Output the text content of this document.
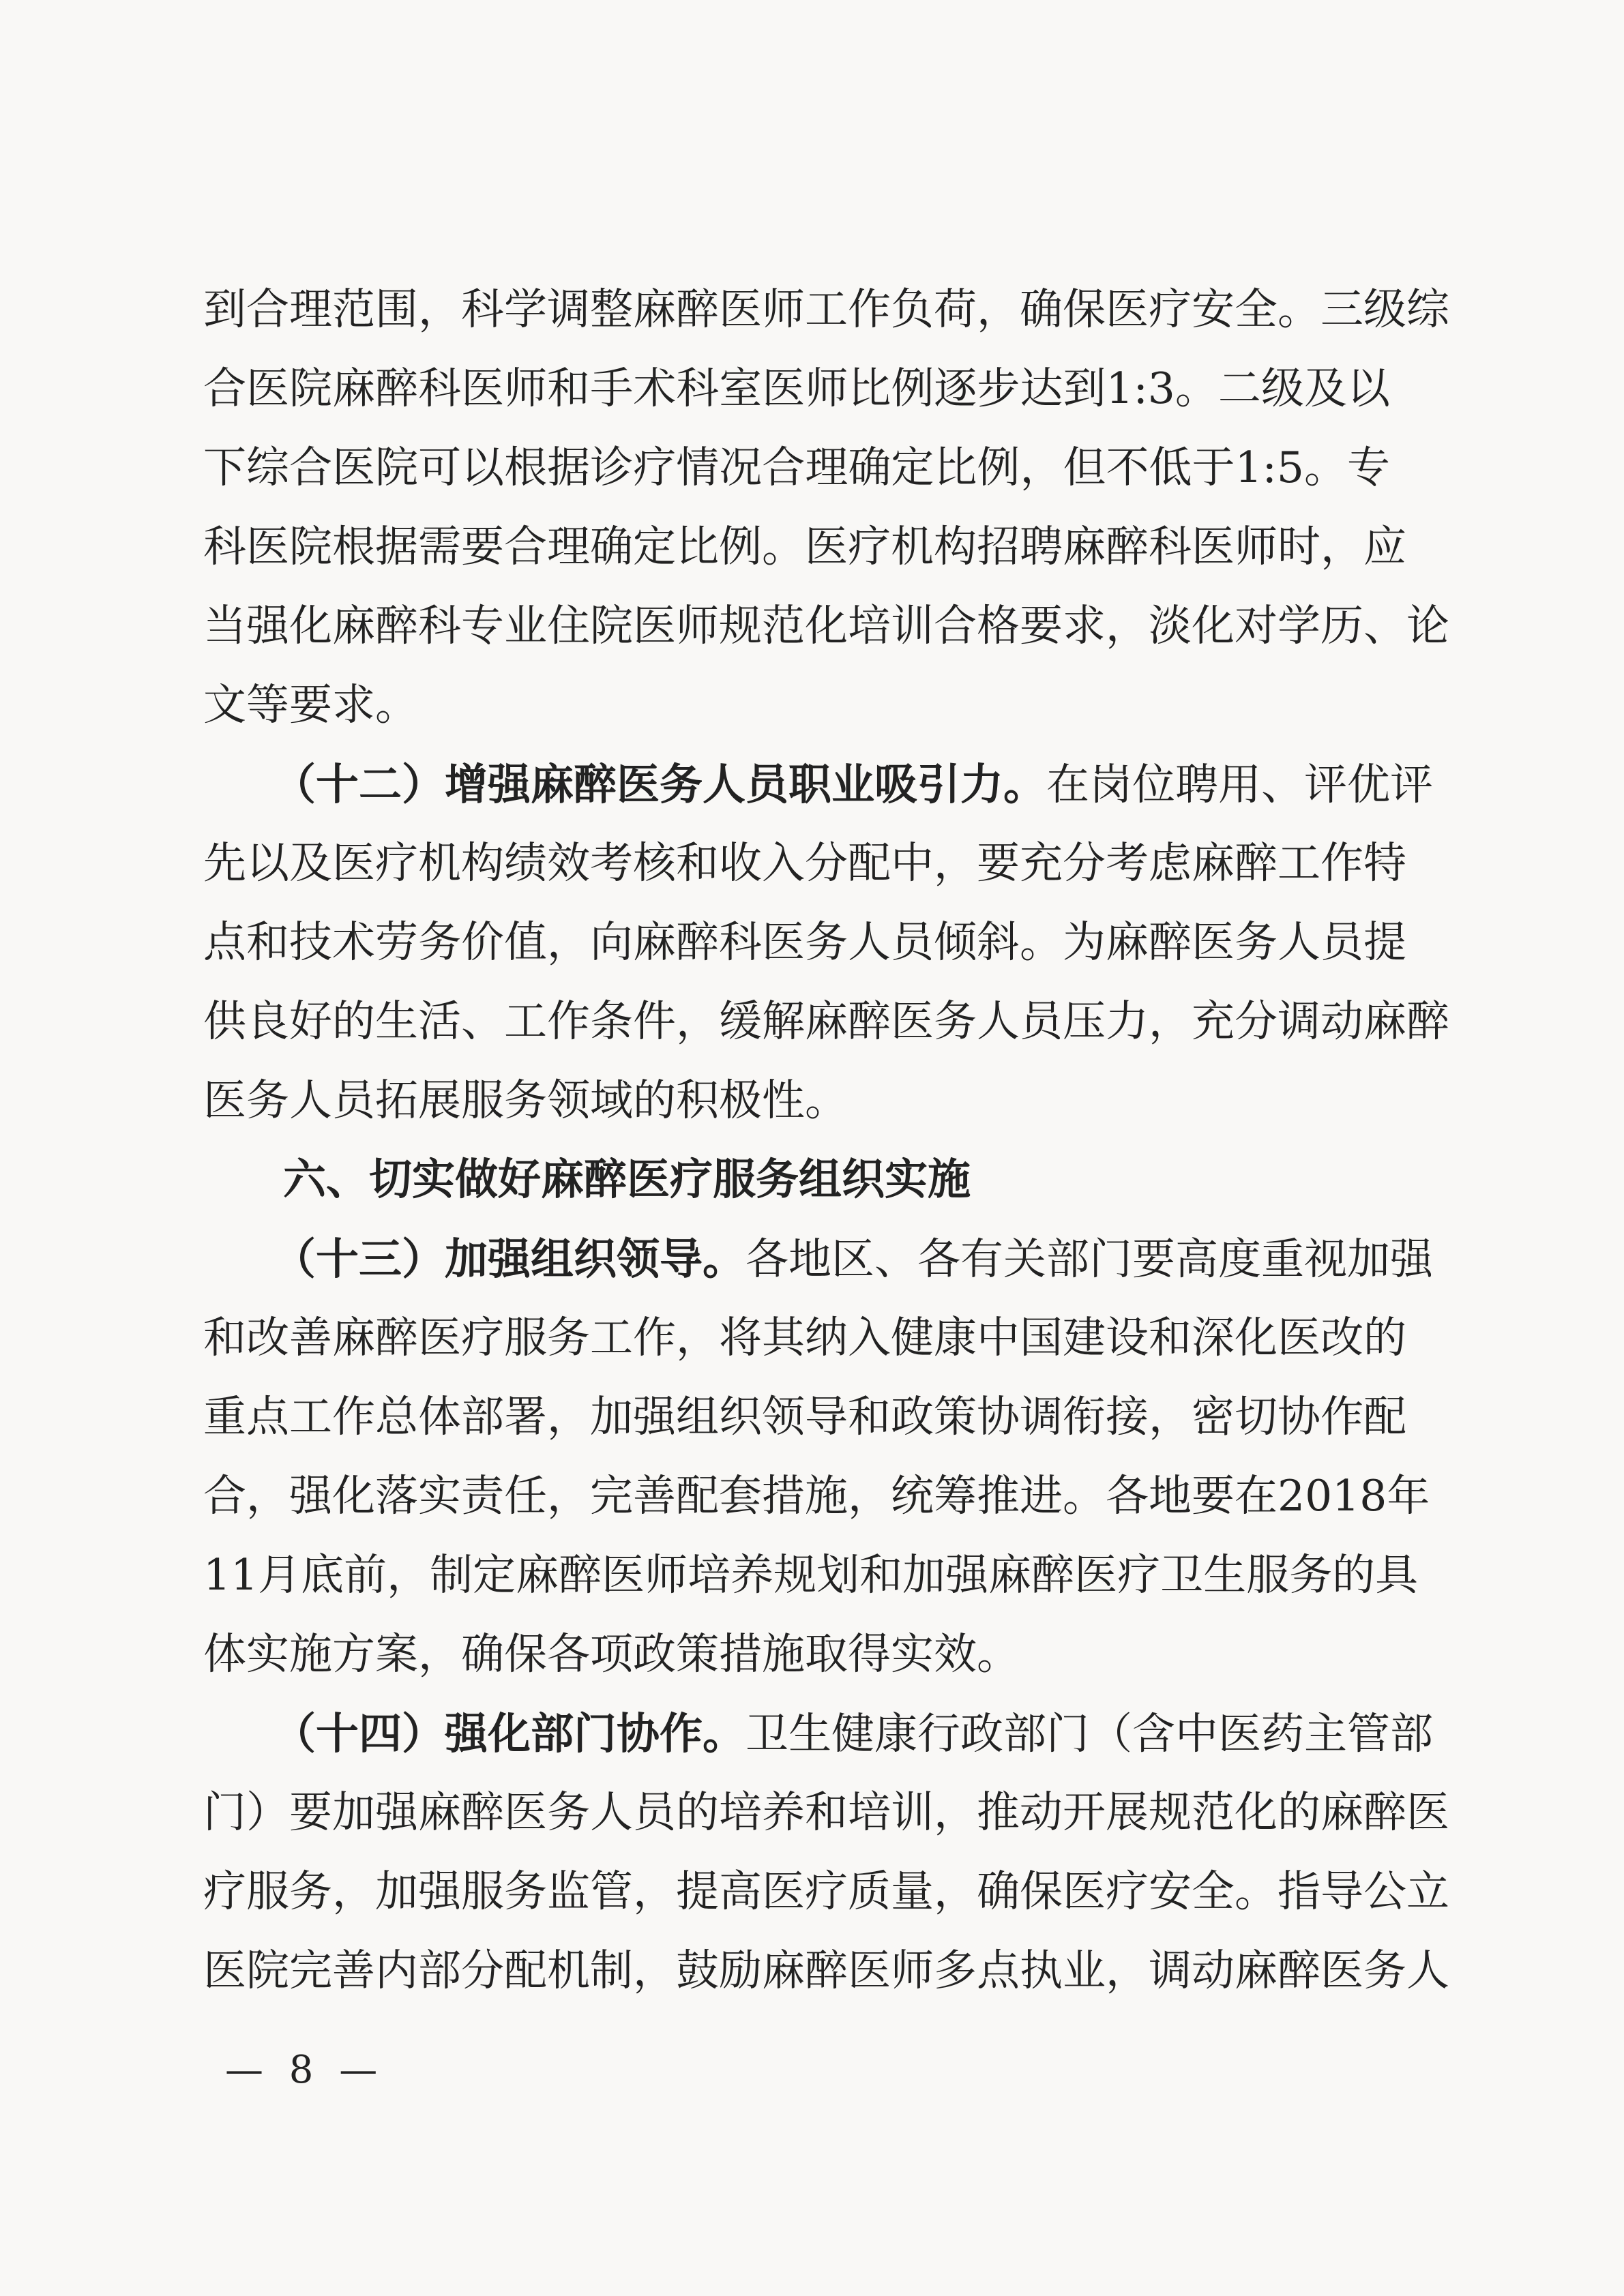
到合理范围，科学调整麻醉医师工作负荷，确保医疗安全。三级综
合医院麻醉科医师和手术科室医师比例逐步达到1:3。二级及以
下综合医院可以根据诊疗情况合理确定比例，但不低于1:5。专
科医院根据需要合理确定比例。医疗机构招聘麻醉科医师时，应
当强化麻醉科专业住院医师规范化培训合格要求，淡化对学历、论
文等要求。
（十二）增强麻醉医务人员职业吸引力。在岗位聘用、评优评
先以及医疗机构绩效考核和收入分配中，要充分考虑麻醉工作特
点和技术劳务价值，向麻醉科医务人员倾斜。为麻醉医务人员提
供良好的生活、工作条件，缓解麻醉医务人员压力，充分调动麻醉
医务人员拓展服务领域的积极性。
六、切实做好麻醉医疗服务组织实施
（十三）加强组织领导。各地区、各有关部门要高度重视加强
和改善麻醉医疗服务工作，将其纳入健康中国建设和深化医改的
重点工作总体部署，加强组织领导和政策协调衔接，密切协作配
合，强化落实责任，完善配套措施，统筹推进。各地要在2018年
11月底前，制定麻醉医师培养规划和加强麻醉医疗卫生服务的具
体实施方案，确保各项政策措施取得实效。
（十四）强化部门协作。卫生健康行政部门（含中医药主管部
门）要加强麻醉医务人员的培养和培训，推动开展规范化的麻醉医
疗服务，加强服务监管，提高医疗质量，确保医疗安全。指导公立
医院完善内部分配机制，鼓励麻醉医师多点执业，调动麻醉医务人
— 8 —
